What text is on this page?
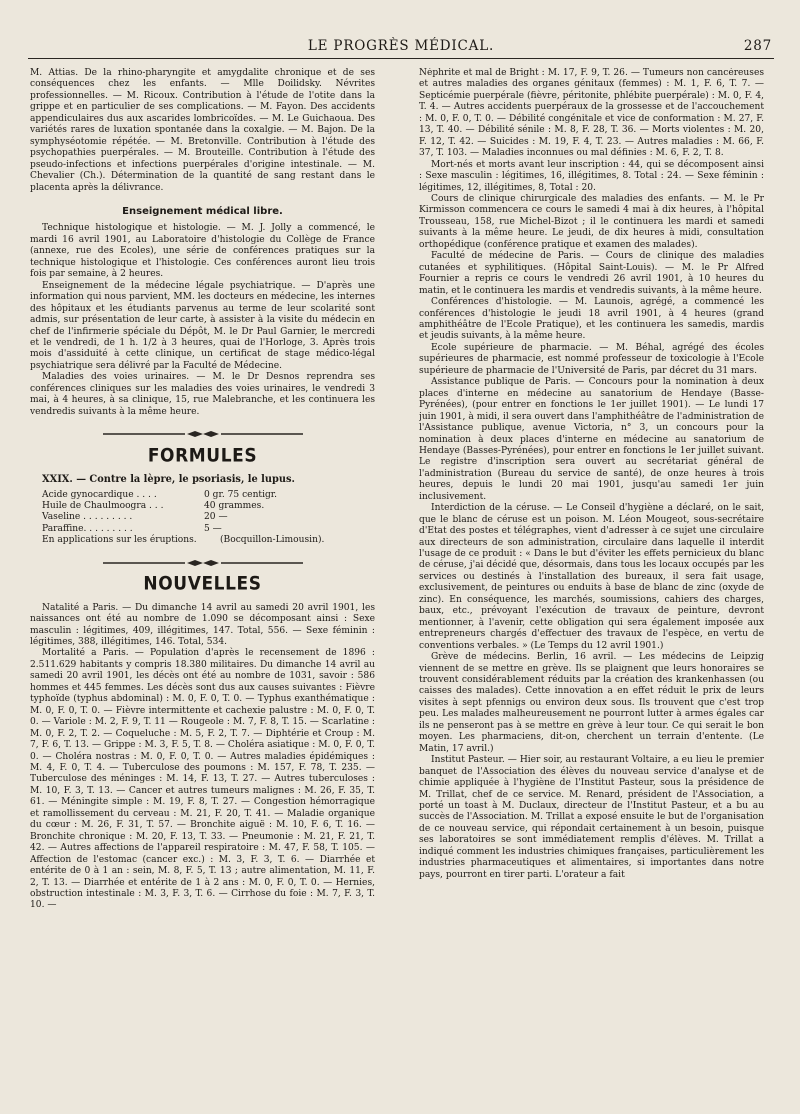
LE PROGRÈS MÉDICAL.	287

M. Attias. De la rhino-pharyngite et amygdalite chronique et de ses conséquences chez les enfants. — Mlle Doilidsky. Névrites professionnelles. — M. Ricoux. Contribution à l'étude de l'otite dans la grippe et en particulier de ses complications. — M. Fayon. Des accidents appendiculaires dus aux ascarides lombricoïdes. — M. Le Guichaoua. Des variétés rares de luxation spontanée dans la coxalgie. — M. Bajon. De la symphyséotomie répétée. — M. Bretonville. Contribution à l'étude des psychopathies puerpérales. — M. Brouteille. Contribution à l'étude des pseudo-infections et infections puerpérales d'origine intestinale. — M. Chevalier (Ch.). Détermination de la quantité de sang restant dans le placenta après la délivrance.

Enseignement médical libre.

Technique histologique et histologie. — M. J. Jolly a commencé, le mardi 16 avril 1901, au Laboratoire d'histologie du Collège de France (annexe, rue des Ecoles), une série de conférences pratiques sur la technique histologique et l'histologie. Ces conférences auront lieu trois fois par semaine, à 2 heures.

Enseignement de la médecine légale psychiatrique. — D'après une information qui nous parvient, MM. les docteurs en médecine, les internes des hôpitaux et les étudiants parvenus au terme de leur scolarité sont admis, sur présentation de leur carte, à assister à la visite du médecin en chef de l'infirmerie spéciale du Dépôt, M. le Dr Paul Garnier, le mercredi et le vendredi, de 1 h. 1/2 à 3 heures, quai de l'Horloge, 3. Après trois mois d'assiduité à cette clinique, un certificat de stage médico-légal psychiatrique sera délivré par la Faculté de Médecine.

Maladies des voies urinaires. — M. le Dr Desnos reprendra ses conférences cliniques sur les maladies des voies urinaires, le vendredi 3 mai, à 4 heures, à sa clinique, 15, rue Malebranche, et les continuera les vendredis suivants à la même heure.

FORMULES
XXIX. — Contre la lèpre, le psoriasis, le lupus.
Acide gynocardique . . . .	0 gr. 75 centigr.
Huile de Chaulmoogra . . .	40 grammes.
Vaseline . . . . . . . . .	20 —
Paraffine. . . . . . . . .	5 —
En applications sur les éruptions.	(Bocquillon-Limousin).
NOUVELLES

Natalité a Paris. — Du dimanche 14 avril au samedi 20 avril 1901, les naissances ont été au nombre de 1.090 se décomposant ainsi : Sexe masculin : légitimes, 409, illégitimes, 147. Total, 556. — Sexe féminin : légitimes, 388, illégitimes, 146. Total, 534.

Mortalité a Paris. — Population d'après le recensement de 1896 : 2.511.629 habitants y compris 18.380 militaires. Du dimanche 14 avril au samedi 20 avril 1901, les décès ont été au nombre de 1031, savoir : 586 hommes et 445 femmes. Les décès sont dus aux causes suivantes : Fièvre typhoïde (typhus abdominal) : M. 0, F. 0, T. 0. — Typhus exanthématique : M. 0, F. 0, T. 0. — Fièvre intermittente et cachexie palustre : M. 0, F. 0, T. 0. — Variole : M. 2, F. 9, T. 11 — Rougeole : M. 7, F. 8, T. 15. — Scarlatine : M. 0, F. 2, T. 2. — Coqueluche : M. 5, F. 2, T. 7. — Diphtérie et Croup : M. 7, F. 6, T. 13. — Grippe : M. 3, F. 5, T. 8. — Choléra asiatique : M. 0, F. 0, T. 0. — Choléra nostras : M. 0, F. 0, T. 0. — Autres maladies épidémiques : M. 4, F. 0, T. 4. — Tuberculose des poumons : M. 157, F. 78, T. 235. — Tuberculose des méninges : M. 14, F. 13, T. 27. — Autres tuberculoses : M. 10, F. 3, T. 13. — Cancer et autres tumeurs malignes : M. 26, F. 35, T. 61. — Méningite simple : M. 19, F. 8, T. 27. — Congestion hémorragique et ramollissement du cerveau : M. 21, F. 20, T. 41. — Maladie organique du cœur : M. 26, F. 31, T. 57. — Bronchite aiguë : M. 10, F. 6, T. 16. — Bronchite chronique : M. 20, F. 13, T. 33. — Pneumonie : M. 21, F. 21, T. 42. — Autres affections de l'appareil respiratoire : M. 47, F. 58, T. 105. — Affection de l'estomac (cancer exc.) : M. 3, F. 3, T. 6. — Diarrhée et entérite de 0 à 1 an : sein, M. 8, F. 5, T. 13 ; autre alimentation, M. 11, F. 2, T. 13. — Diarrhée et entérite de 1 à 2 ans : M. 0, F. 0, T. 0. — Hernies, obstruction intestinale : M. 3, F. 3, T. 6. — Cirrhose du foie : M. 7, F. 3, T. 10. —

Néphrite et mal de Bright : M. 17, F. 9, T. 26. — Tumeurs non cancéreuses et autres maladies des organes génitaux (femmes) : M. 1, F. 6, T. 7. — Septicémie puerpérale (fièvre, péritonite, phlébite puerpérale) : M. 0, F. 4, T. 4. — Autres accidents puerpéraux de la grossesse et de l'accouchement : M. 0, F. 0, T. 0. — Débilité congénitale et vice de conformation : M. 27, F. 13, T. 40. — Débilité sénile : M. 8, F. 28, T. 36. — Morts violentes : M. 20, F. 12, T. 42. — Suicides : M. 19, F. 4, T. 23. — Autres maladies : M. 66, F. 37, T. 103. — Maladies inconnues ou mal définies : M. 6, F. 2, T. 8.

Mort-nés et morts avant leur inscription : 44, qui se décomposent ainsi : Sexe masculin : légitimes, 16, illégitimes, 8. Total : 24. — Sexe féminin : légitimes, 12, illégitimes, 8, Total : 20.

Cours de clinique chirurgicale des maladies des enfants. — M. le Pr Kirmisson commencera ce cours le samedi 4 mai à dix heures, à l'hôpital Trousseau, 158, rue Michel-Bizot ; il le continuera les mardi et samedi suivants à la même heure. Le jeudi, de dix heures à midi, consultation orthopédique (conférence pratique et examen des malades).

Faculté de médecine de Paris. — Cours de clinique des maladies cutanées et syphilitiques. (Hôpital Saint-Louis). — M. le Pr Alfred Fournier a repris ce cours le vendredi 26 avril 1901, à 10 heures du matin, et le continuera les mardis et vendredis suivants, à la même heure.

Conférences d'histologie. — M. Launois, agrégé, a commencé les conférences d'histologie le jeudi 18 avril 1901, à 4 heures (grand amphithéâtre de l'Ecole Pratique), et les continuera les samedis, mardis et jeudis suivants, à la même heure.

Ecole supérieure de pharmacie. — M. Béhal, agrégé des écoles supérieures de pharmacie, est nommé professeur de toxicologie à l'Ecole supérieure de pharmacie de l'Université de Paris, par décret du 31 mars.

Assistance publique de Paris. — Concours pour la nomination à deux places d'interne en médecine au sanatorium de Hendaye (Basse-Pyrénées), (pour entrer en fonctions le 1er juillet 1901). — Le lundi 17 juin 1901, à midi, il sera ouvert dans l'amphithéâtre de l'administration de l'Assistance publique, avenue Victoria, n° 3, un concours pour la nomination à deux places d'interne en médecine au sanatorium de Hendaye (Basses-Pyrénées), pour entrer en fonctions le 1er juillet suivant. Le registre d'inscription sera ouvert au secrétariat général de l'administration (Bureau du service de santé), de onze heures à trois heures, depuis le lundi 20 mai 1901, jusqu'au samedi 1er juin inclusivement.

Interdiction de la céruse. — Le Conseil d'hygiène a déclaré, on le sait, que le blanc de céruse est un poison. M. Léon Mougeot, sous-secrétaire d'Etat des postes et télégraphes, vient d'adresser à ce sujet une circulaire aux directeurs de son administration, circulaire dans laquelle il interdit l'usage de ce produit : « Dans le but d'éviter les effets pernicieux du blanc de céruse, j'ai décidé que, désormais, dans tous les locaux occupés par les services ou destinés à l'installation des bureaux, il sera fait usage, exclusivement, de peintures ou enduits à base de blanc de zinc (oxyde de zinc). En conséquence, les marchés, soumissions, cahiers des charges, baux, etc., prévoyant l'exécution de travaux de peinture, devront mentionner, à l'avenir, cette obligation qui sera également imposée aux entrepreneurs chargés d'effectuer des travaux de l'espèce, en vertu de conventions verbales. » (Le Temps du 12 avril 1901.)

Grève de médecins. Berlin, 16 avril. — Les médecins de Leipzig viennent de se mettre en grève. Ils se plaignent que leurs honoraires se trouvent considérablement réduits par la création des krankenhassen (ou caisses des malades). Cette innovation a en effet réduit le prix de leurs visites à sept pfennigs ou environ deux sous. Ils trouvent que c'est trop peu. Les malades malheureusement ne pourront lutter à armes égales car ils ne penseront pas à se mettre en grève à leur tour. Ce qui serait le bon moyen. Les pharmaciens, dit-on, cherchent un terrain d'entente. (Le Matin, 17 avril.)

Institut Pasteur. — Hier soir, au restaurant Voltaire, a eu lieu le premier banquet de l'Association des élèves du nouveau service d'analyse et de chimie appliquée à l'hygiène de l'Institut Pasteur, sous la présidence de M. Trillat, chef de ce service. M. Renard, président de l'Association, a porté un toast à M. Duclaux, directeur de l'Institut Pasteur, et a bu au succès de l'Association. M. Trillat a exposé ensuite le but de l'organisation de ce nouveau service, qui répondait certainement à un besoin, puisque ses laboratoires se sont immédiatement remplis d'élèves. M. Trillat a indiqué comment les industries chimiques françaises, particulièrement les industries pharmaceutiques et alimentaires, si importantes dans notre pays, pourront en tirer parti. L'orateur a fait
